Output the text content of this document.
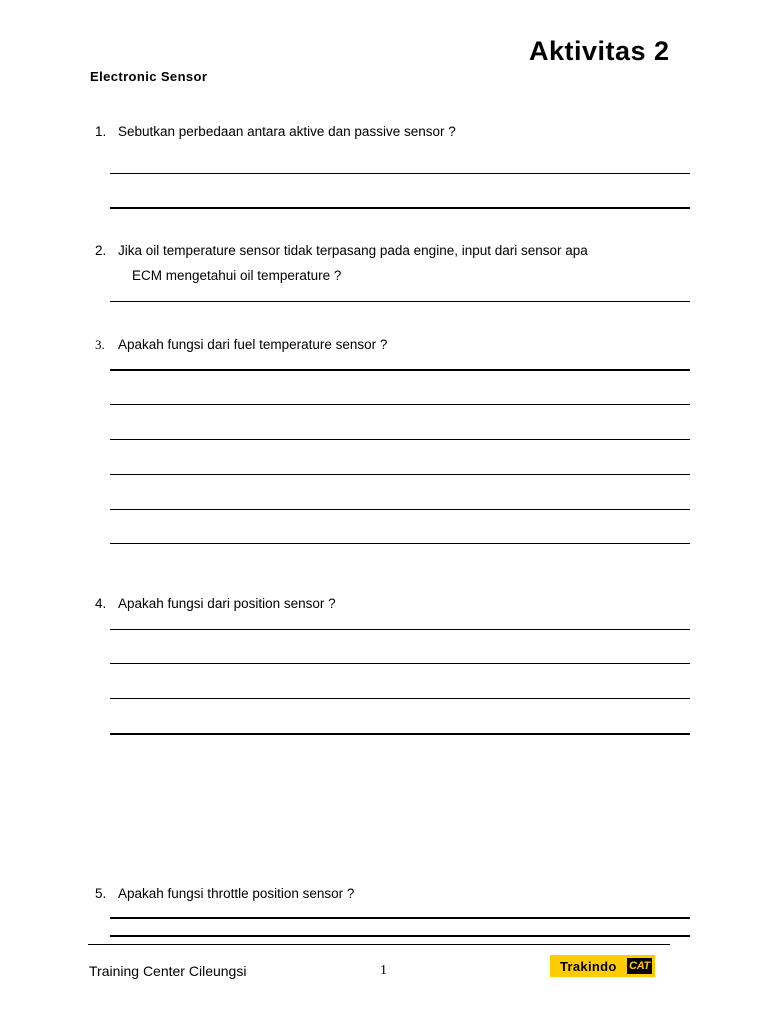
Aktivitas 2
Electronic Sensor
1. Sebutkan perbedaan antara aktive dan passive sensor ?
2. Jika oil temperature sensor tidak terpasang pada engine, input dari sensor apa
ECM mengetahui oil temperature ?
3. Apakah fungsi dari fuel temperature sensor ?
4. Apakah fungsi dari position sensor ?
5. Apakah fungsi throttle position sensor ?
Training Center Cileungsi	1	Trakindo CAT
